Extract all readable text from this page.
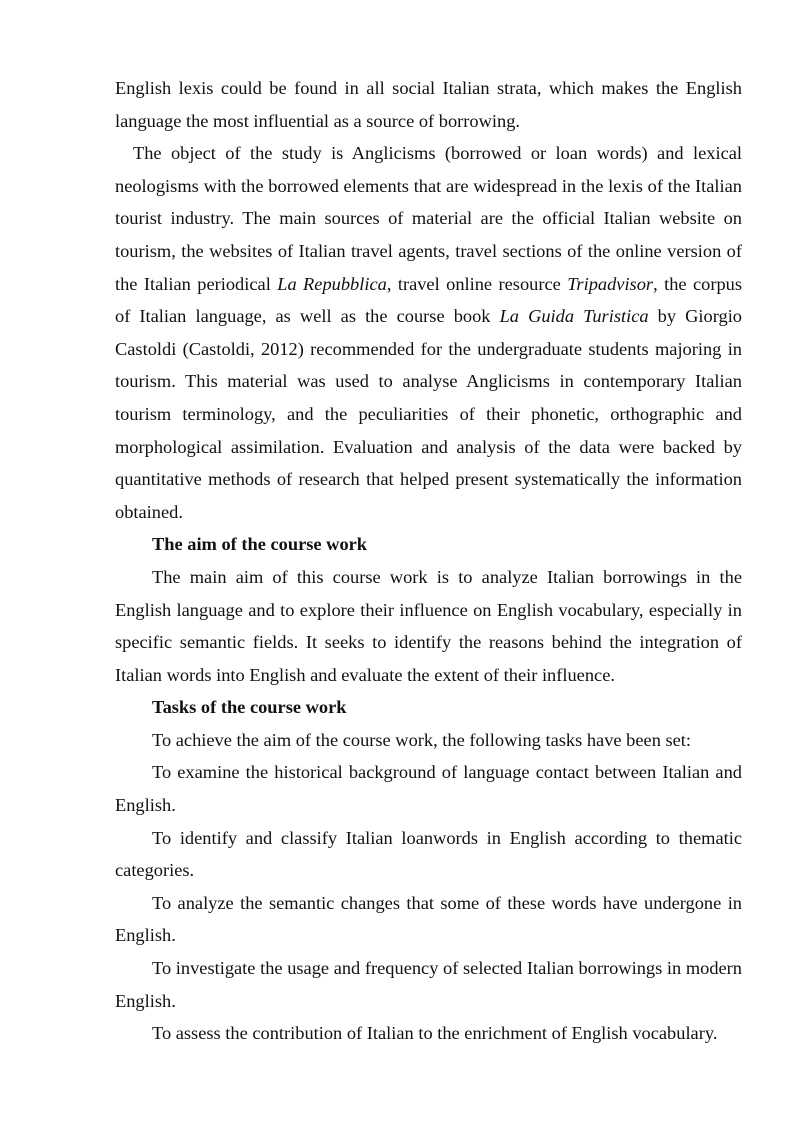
English lexis could be found in all social Italian strata, which makes the English language the most influential as a source of borrowing.

The object of the study is Anglicisms (borrowed or loan words) and lexical neologisms with the borrowed elements that are widespread in the lexis of the Italian tourist industry. The main sources of material are the official Italian website on tourism, the websites of Italian travel agents, travel sections of the online version of the Italian periodical La Repubblica, travel online resource Tripadvisor, the corpus of Italian language, as well as the course book La Guida Turistica by Giorgio Castoldi (Castoldi, 2012) recommended for the undergraduate students majoring in tourism. This material was used to analyse Anglicisms in contemporary Italian tourism terminology, and the peculiarities of their phonetic, orthographic and morphological assimilation. Evaluation and analysis of the data were backed by quantitative methods of research that helped present systematically the information obtained.

The aim of the course work

The main aim of this course work is to analyze Italian borrowings in the English language and to explore their influence on English vocabulary, especially in specific semantic fields. It seeks to identify the reasons behind the integration of Italian words into English and evaluate the extent of their influence.

Tasks of the course work

To achieve the aim of the course work, the following tasks have been set:

To examine the historical background of language contact between Italian and English.

To identify and classify Italian loanwords in English according to thematic categories.

To analyze the semantic changes that some of these words have undergone in English.

To investigate the usage and frequency of selected Italian borrowings in modern English.

To assess the contribution of Italian to the enrichment of English vocabulary.
